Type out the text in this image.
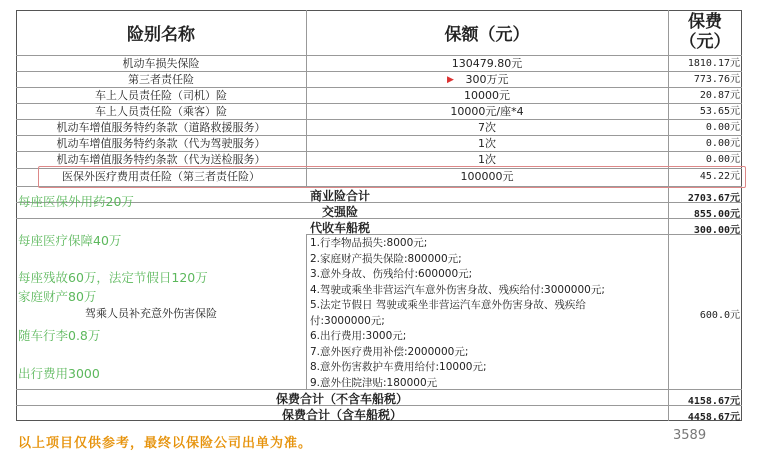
险别名称	保额（元）
保费
（元）
机动车损失保险	130479.80元	1810.17元
第三者责任险	▶	300万元	773.76元
车上人员责任险（司机）险	10000元	20.87元
车上人员责任险（乘客）险	10000元/座*4	53.65元
机动车增值服务特约条款（道路救援服务）	7次	0.00元
机动车增值服务特约条款（代为驾驶服务）	1次	0.00元
机动车增值服务特约条款（代为送检服务）	1次	0.00元
医保外医疗费用责任险（第三者责任险）	100000元	45.22元
商业险合计	2703.67元
交强险	855.00元
代收车船税	300.00元
驾乘人员补充意外伤害保险
1.行李物品损失:8000元;
2.家庭财产损失保险:800000元;
3.意外身故、伤残给付:600000元;
4.驾驶或乘坐非营运汽车意外伤害身故、残疾给付:3000000元;
5.法定节假日 驾驶或乘坐非营运汽车意外伤害身故、残疾给
付:3000000元;
6.出行费用:3000元;
7.意外医疗费用补偿:2000000元;
8.意外伤害救护车费用给付:10000元;
9.意外住院津贴:180000元
600.0元
保费合计（不含车船税）	4158.67元
保费合计（含车船税）	4458.67元
每座医保外用药20万
每座医疗保障40万
每座残故60万，法定节假日120万
家庭财产80万
随车行李0.8万
出行费用3000
以上项目仅供参考，最终以保险公司出单为准。
3589
